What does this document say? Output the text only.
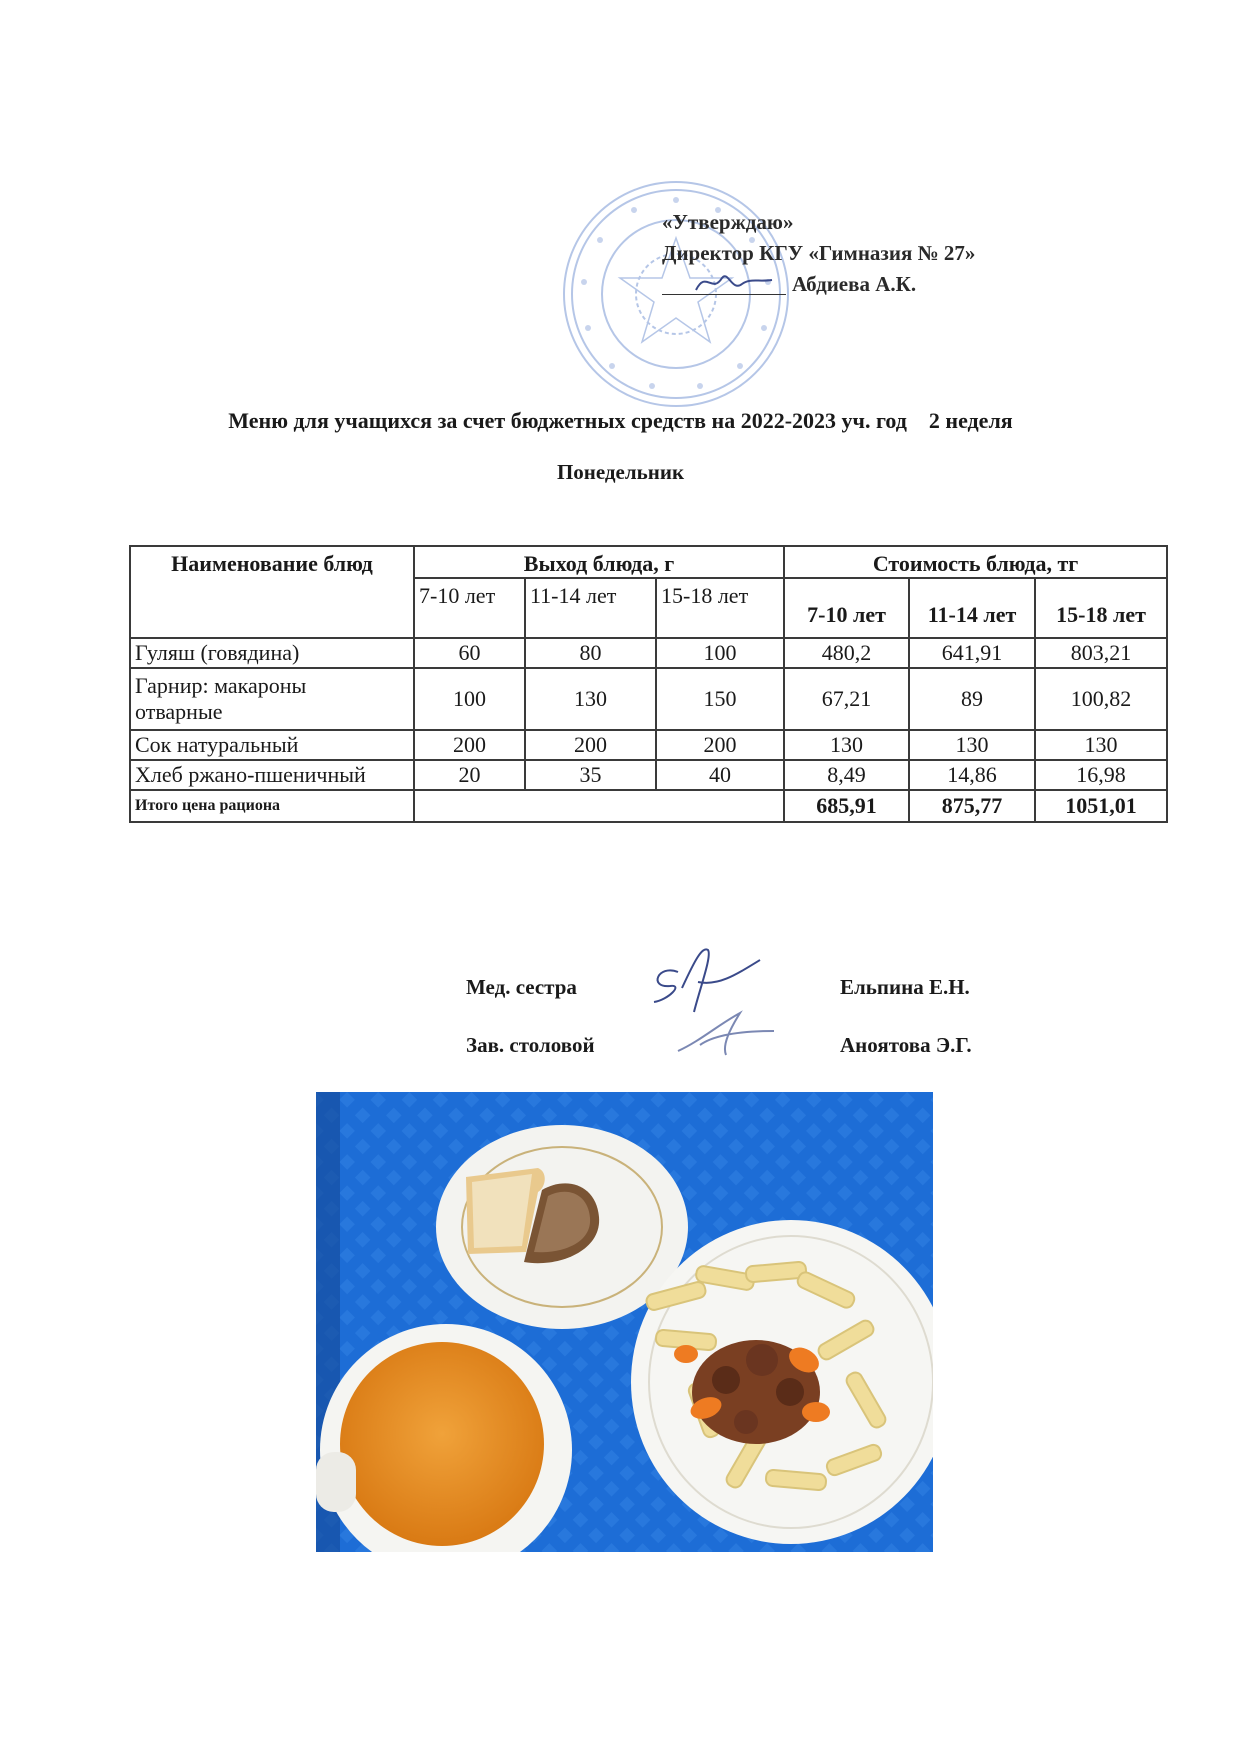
«Утверждаю»
Директор КГУ «Гимназия № 27»
Абдиева А.К.
Меню для учащихся за счет бюджетных средств на 2022-2023 уч. год    2 неделя
Понедельник
Наименование блюд	Выход блюда, г			Стоимость блюда, тг		
	7-10 лет	11-14 лет	15-18 лет	7-10 лет	11-14 лет	15-18 лет
Гуляш (говядина)	60	80	100	480,2	641,91	803,21
Гарнир: макароны отварные	100	130	150	67,21	89	100,82
Сок натуральный	200	200	200	130	130	130
Хлеб ржано-пшеничный	20	35	40	8,49	14,86	16,98
Итого цена рациона				685,91	875,77	1051,01
Мед. сестра	Ельпина Е.Н.
Зав. столовой	Аноятова Э.Г.
